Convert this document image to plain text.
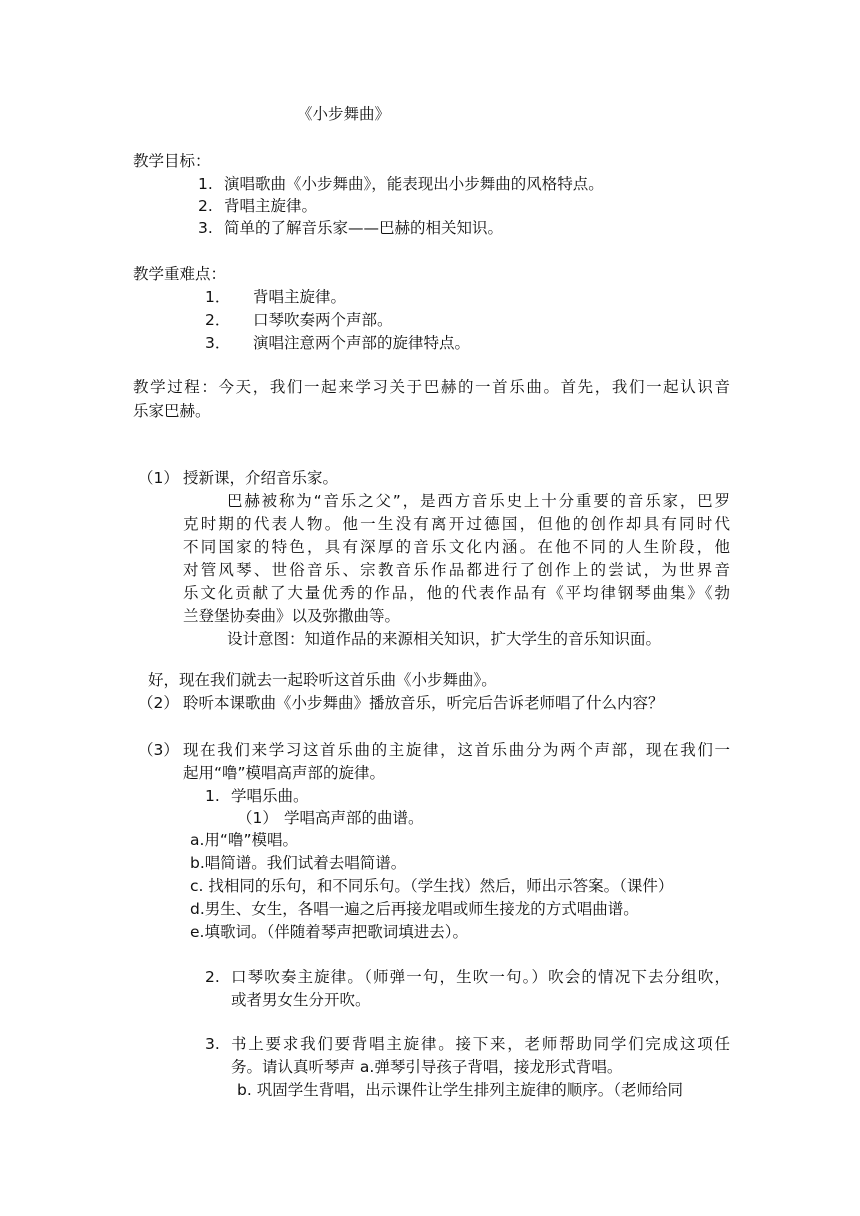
《小步舞曲》

教学目标：

1. 演唱歌曲《小步舞曲》，能表现出小步舞曲的风格特点。

2. 背唱主旋律。

3. 简单的了解音乐家——巴赫的相关知识。

教学重难点：

1． 背唱主旋律。

2． 口琴吹奏两个声部。

3． 演唱注意两个声部的旋律特点。

教学过程：今天，我们一起来学习关于巴赫的一首乐曲。首先，我们一起认识音

乐家巴赫。

（1） 授新课，介绍音乐家。

巴赫被称为“音乐之父”，是西方音乐史上十分重要的音乐家，巴罗

克时期的代表人物。他一生没有离开过德国，但他的创作却具有同时代

不同国家的特色，具有深厚的音乐文化内涵。在他不同的人生阶段，他

对管风琴、世俗音乐、宗教音乐作品都进行了创作上的尝试，为世界音

乐文化贡献了大量优秀的作品，他的代表作品有《平均律钢琴曲集》《勃

兰登堡协奏曲》以及弥撒曲等。

设计意图：知道作品的来源相关知识，扩大学生的音乐知识面。

好，现在我们就去一起聆听这首乐曲《小步舞曲》。

（2） 聆听本课歌曲《小步舞曲》播放音乐，听完后告诉老师唱了什么内容？

（3） 现在我们来学习这首乐曲的主旋律，这首乐曲分为两个声部，现在我们一

起用“噜”模唱高声部的旋律。

1. 学唱乐曲。

（1） 学唱高声部的曲谱。

a.用“噜”模唱。

b.唱简谱。我们试着去唱简谱。

c. 找相同的乐句，和不同乐句。（学生找）然后，师出示答案。（课件）

d.男生、女生，各唱一遍之后再接龙唱或师生接龙的方式唱曲谱。

e.填歌词。（伴随着琴声把歌词填进去）。

2. 口琴吹奏主旋律。（师弹一句，生吹一句。）吹会的情况下去分组吹，

或者男女生分开吹。

3. 书上要求我们要背唱主旋律。接下来，老师帮助同学们完成这项任

务。请认真听琴声 a.弹琴引导孩子背唱，接龙形式背唱。

b. 巩固学生背唱，出示课件让学生排列主旋律的顺序。（老师给同
